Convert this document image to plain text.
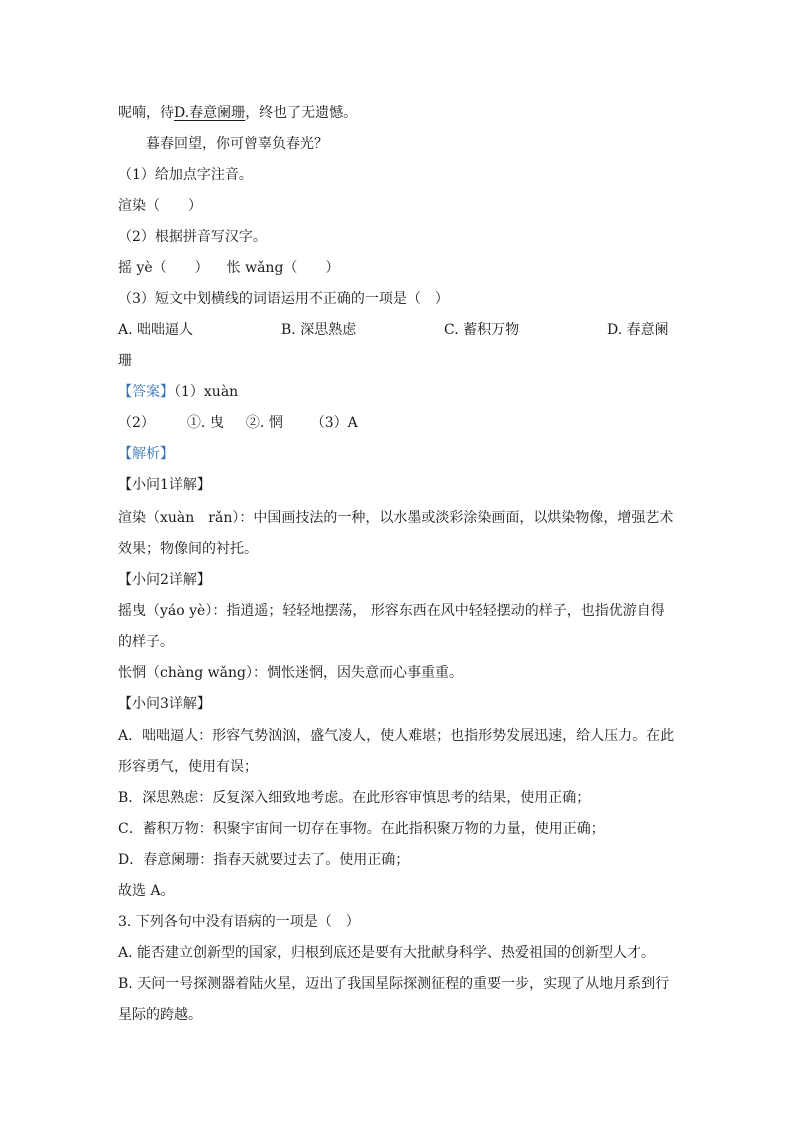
呢喃，待D.春意阑珊，终也了无遗憾。
暮春回望，你可曾辜负春光？
（1）给加点字注音。
渲染（　　）
（2）根据拼音写汉字。
摇 yè（　　） 怅 wǎng（　　）
（3）短文中划横线的词语运用不正确的一项是（　）
A. 咄咄逼人	B. 深思熟虑	C. 蓄积万物	D. 春意阑
珊
【答案】（1）xuàn
（2） ①. 曳 ②. 惘 （3）A
【解析】
【小问1详解】
渲染（xuàn　rǎn）：中国画技法的一种，以水墨或淡彩涂染画面，以烘染物像，增强艺术
效果；物像间的衬托。
【小问2详解】
摇曳（yáo yè）：指逍遥；轻轻地摆荡， 形容东西在风中轻轻摆动的样子，也指优游自得
的样子。
怅惘（chàng wǎng）：惆怅迷惘，因失意而心事重重。
【小问3详解】
A．咄咄逼人：形容气势汹汹，盛气凌人，使人难堪；也指形势发展迅速，给人压力。在此
形容勇气，使用有误；
B．深思熟虑：反复深入细致地考虑。在此形容审慎思考的结果，使用正确；
C．蓄积万物：积聚宇宙间一切存在事物。在此指积聚万物的力量，使用正确；
D．春意阑珊：指春天就要过去了。使用正确；
故选 A。
3. 下列各句中没有语病的一项是（　）
A. 能否建立创新型的国家，归根到底还是要有大批献身科学、热爱祖国的创新型人才。
B. 天问一号探测器着陆火星，迈出了我国星际探测征程的重要一步，实现了从地月系到行
星际的跨越。
